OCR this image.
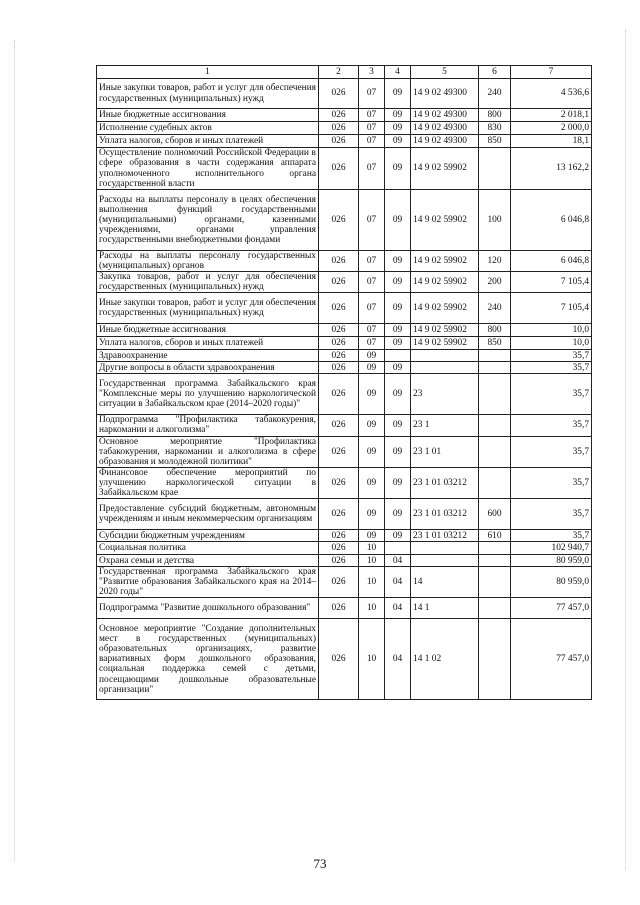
1	2	3	4	5	6	7
Иные закупки товаров, работ и услуг для обеспечения государственных (муниципальных) нужд	026	07	09	14 9 02 49300	240	4 536,6
Иные бюджетные ассигнования	026	07	09	14 9 02 49300	800	2 018,1
Исполнение судебных актов	026	07	09	14 9 02 49300	830	2 000,0
Уплата налогов, сборов и иных платежей	026	07	09	14 9 02 49300	850	18,1
Осуществление полномочий Российской Федерации в сфере образования в части содержания аппарата уполномоченного исполнительного органа государственной власти	026	07	09	14 9 02 59902		13 162,2
Расходы на выплаты персоналу в целях обеспечения выполнения функций государственными (муниципальными) органами, казенными учреждениями, органами управления государственными внебюджетными фондами	026	07	09	14 9 02 59902	100	6 046,8
Расходы на выплаты персоналу государственных (муниципальных) органов	026	07	09	14 9 02 59902	120	6 046,8
Закупка товаров, работ и услуг для обеспечения государственных (муниципальных) нужд	026	07	09	14 9 02 59902	200	7 105,4
Иные закупки товаров, работ и услуг для обеспечения государственных (муниципальных) нужд	026	07	09	14 9 02 59902	240	7 105,4
Иные бюджетные ассигнования	026	07	09	14 9 02 59902	800	10,0
Уплата налогов, сборов и иных платежей	026	07	09	14 9 02 59902	850	10,0
Здравоохранение	026	09				35,7
Другие вопросы в области здравоохранения	026	09	09			35,7
Государственная программа Забайкальского края "Комплексные меры по улучшению наркологической ситуации в Забайкальском крае (2014–2020 годы)"	026	09	09	23		35,7
Подпрограмма "Профилактика табакокурения, наркомании и алкоголизма"	026	09	09	23 1		35,7
Основное мероприятие "Профилактика табакокурения, наркомании и алкоголизма в сфере образования и молодежной политики"	026	09	09	23 1 01		35,7
Финансовое обеспечение мероприятий по улучшению наркологической ситуации в Забайкальском крае	026	09	09	23 1 01 03212		35,7
Предоставление субсидий бюджетным, автономным учреждениям и иным некоммерческим организациям	026	09	09	23 1 01 03212	600	35,7
Субсидии бюджетным учреждениям	026	09	09	23 1 01 03212	610	35,7
Социальная политика	026	10				102 940,7
Охрана семьи и детства	026	10	04			80 959,0
Государственная программа Забайкальского края "Развитие образования Забайкальского края на 2014–2020 годы"	026	10	04	14		80 959,0
Подпрограмма "Развитие дошкольного образования"	026	10	04	14 1		77 457,0
Основное мероприятие "Создание дополнительных мест в государственных (муниципальных) образовательных организациях, развитие вариативных форм дошкольного образования, социальная поддержка семей с детьми, посещающими дошкольные образовательные организации"	026	10	04	14 1 02		77 457,0
73
